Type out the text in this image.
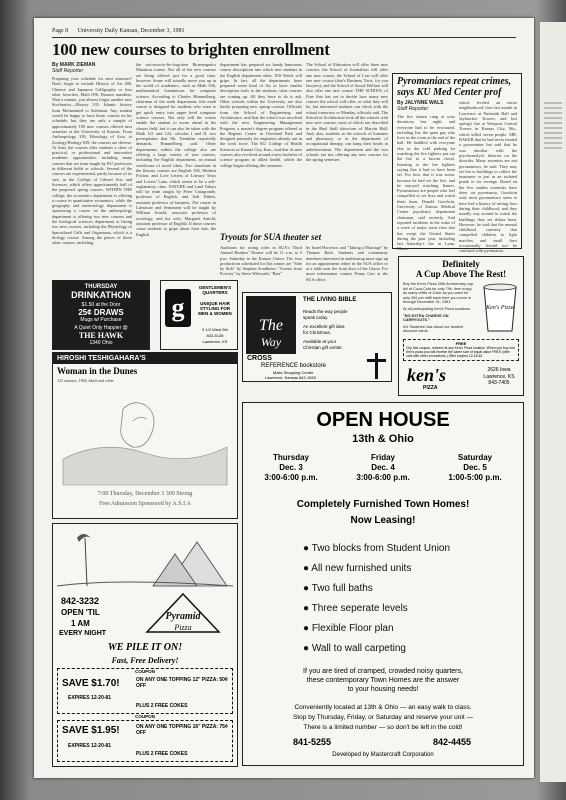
Page 8 University Daily Kansan, December 3, 1981
100 new courses to brighten enrollment
By MARK ZIEMAN
Staff Reporter
Preparing your schedule for next semester? Don't forget to include History of Art 486, Chinese and Japanese Calligraphy or four other favorites, Math 096, Finance numbers. Wait a minute, you almost forgot another new Stochastics—History 335. Islamic history from Mohammed to Suleiman. Any student would be happy to have those courses on his schedule, but they are only a sample of approximately 100 new courses offered next semester at the University of Kansas. From Anthropology 339, Ethnology of Asia, to Zoology/Biology 639, the courses are diverse. At least, the courses offer students a chew of practical, or professional and innovative academic opportunities, including many courses that are team-taught by KU professors in different fields or schools. Several of the courses are experimental, partly because of its size, in the College of Liberal Arts and Sciences, which offers approximately half of the proposed spring courses. WITHIN THE college, the economics department is offering a course in quantitative economics, while the geography and meteorology department is sponsoring a course on the anthropology department is offering two new courses and the biological sciences department is listing two new courses, including the Physiology of Specialized Cells and Organisms, which is a biology course. Among the pieces of those other courses, including
the not-soon-to-be-forgotten Bioenergetics Mutation course. Not all of the new courses are being offered just for a good time, however. Some will actually move you up in the world of academics, such as Math 036, mathematical foundations for computer science. According to Charles Himmelberg, chairman of the math department, this math course is designed for students who want to get quick entry into upper level computer science courses. Not only will the course enable the student to zoom ahead in the classes field, but it can also be taken with the Math 121 and 122, calculus I and II, two prerequisites that Mr. Tremblae reportedly demands, Himmelberg said. Other departments within the college also are offering a large variety of new courses, including the English department, an annual storehouse of novel ideas. Two standouts in the literary courses are English 106, Modern Fiction, and Love Letters of Literary Texts and Lovers' Lane, which seems to be a self-explanatory class. NATURE and Land Values will be team taught by Peter Casagrande, professor of English, and Jodi Dirkes, assistant professor of business. The course in Literature and Sentiment will be taught by William Arnold, associate professor of sociology, and his wife, Margaret Arnold, assistant professor of English. If those courses cause students to gripe about their fate, the English
department has prepared six handy humorous course descriptions into which new students in the English department often, JOS Weed, will gripe. In fact, all the departments have prepared some kind of list or have similar description tools to the students, what courses are coming up. All they have to do is ask. Other schools within the University are also busily preparing new spring courses. Officials from the School of Engineering and Architecture, said that the school was involved with the new Engineering Management Program, a master's degree program offered at the Regents Center in Overland Park and designed primarily for engineers already out in the work force. The KU College of Health Sciences in Kansas City, Kan., said that its new courses also revolved around a new bachelor of science program in allied health, which the college began offering this semester.
The School of Education will offer three new courses; the School of Journalism will offer one new course; the School of Law will offer one new course (that's Business Torts, for you lawyers); and the School of Social Welfare will also offer one new course. THE SCHOOL of Fine Arts has yet to decide how many new courses the school will offer, or what they will be, but interested students can check with the school tomorrow or Monday, officials said. The School of Architecture took all the schools with new new courses, most of which are described in the Ruel Stall showcase of Marvin Hall. And, alas, students in the schools of business and pharmacy, or in the department of occupational therapy, can bang their heads in unbelievement. The department and the two schools are not offering any new courses for the spring semester.
Tryouts for SUA theater set
Auditions for acting roles in SUA's Third Annual Readers' Theater will be 11 a.m. to 5 p.m. Saturday in the Kansas Union. The four productions scheduled for this winter are "Side by Side" by Stephen Sondheim; "Scenes from Poverty" by Steve Wilmorth; "Bats"
by Israel Horovitz; and "Taking a Marriage" by Thomas Roth. Students and community members interested in auditioning must sign up for an appointment either in the SUA office or at a table near the front door of the Union. For more information contact Penny Carr at the SUA office.
Pyromaniacs repeat crimes, says KU Med Center prof
By JALYNNE WALS
Staff Reporter
The fire alarms rang at your dormitory last night, and everyone had to be evacuated, including Joe, the quiet guy who lives in the room at the end of the hall. He huddled with everyone else in the cold parking lot watching the fire fighters put out the fire in a broom closet, listening to the fire fighters saying that it had to have been set. For how that it was arson, because he had set the fire, and he enjoyed watching flames. Pyromaniacs are people who feel compelled to set fires and watch them burn, Donald Goodwin, University of Kansas Medical Center psychiatry department chairman, said recently. And reported incidents in the wake of a wave of major areas fires that has swept the United States during the past year, including last Saturday's fire in Lynn, Mass.,
which leveled an entire neighborhood; fires last month in Lawrence at Naismith Hall and Jayhawker Towers; and last spring's fire at Westport Central Towers in Kansas City, Mo., which killed seven people. MR. BAKER that he had never treated a pyromaniac but said that he was familiar with the psychoanalytic theories on the disorder. Many arsonists are not pyromaniacs, he said. They may set fire to buildings to collect the insurance or just as an isolated prank or for revenge. Based on the few studies scientists have done on pyromania, Goodwin said, most pyromaniacs seem to have had a history of setting fires during their childhood, and they usually stay around to watch the buildings they set ablaze burn. However, he said that the normal childhood curiosity that compelled children to light matches and small fires occasionally should not be confused with pyromania.
THURSDAY
DRINKATHON
$1.50 at the Door
25¢ DRAWS
Mugs w/ Purchase
A Quiet Only Happier @
THE HAWK
1340 Ohio
g
GENTLEMEN'S QUARTERS
UNIQUE HAIR STYLING FOR MEN & WOMEN
9 1/2 West 9th
843-5138
Lawrence, KS
HIROSHI TESHIGAHARA'S
Woman in the Dunes
123 minutes, 1964, black and white
7:00 Thursday, December 3 300 Strong
Free Admission Sponsored by A.S.I.A
The
Way
THE LIVING BIBLE
Reads the way people
speak today.
An excellent gift idea
for Christmas.
Available at your
Christian gift center.
CROSS
REFERENCE bookstore
Malls Shopping Center
Lawrence, Kansas 842-1553
Definitely
A Cup Above The Rest!
Buy the Ken's Pizza 20th Anniversary cup full of Coca-Cola for only 79¢, then enjoy as many refills of Coke as you want for only 39¢ per refill each time you come in through December 31, 1981.
At all participating Ken's Pizza locations.
"NO EXTRA CHARGE ON CARRYOUTS."
KU Students! Ask about our student discount cards.
Ken's Pizza
FREE
Clip this coupon, redeem at any Ken's Pizza location. When you buy one Ken's pizza you will receive the same size of equal value FREE (offer void with other promotions.) Offer expires 12-18-81
ken's
PIZZA
2626 Iowa
Lawrence, KS
843-7405
842-3232
OPEN 'TIL
1 AM
EVERY NIGHT
Pyramid
Pizza
WE PILE IT ON!
Fast, Free Delivery!
COUPON
SAVE $1.70!	ON ANY ONE TOPPING 12" PIZZA: 50¢ OFF
PLUS 2 FREE COKES
EXPIRES 12-20-81
COUPON
SAVE $1.95!	ON ANY ONE TOPPING 16" PIZZA: 75¢ OFF
PLUS 2 FREE COKES
EXPIRES 12-20-81
OPEN HOUSE
13th & Ohio
Thursday
Dec. 3
3:00-6:00 p.m.
Friday
Dec. 4
3:00-6:00 p.m.
Saturday
Dec. 5
1:00-5:00 p.m.
Completely Furnished Town Homes!
Now Leasing!
● Two blocks from Student Union
● All new furnished units
● Two full baths
● Three seperate levels
● Flexible Floor plan
● Wall to wall carpeting
If you are tired of cramped, crowded noisy quarters,
these contemporary Town Homes are the answer
to your housing needs!
Conveniently located at 13th & Ohio — an easy walk to class.
Stop by Thursday, Friday, or Saturday and reserve your unit —
There is a limited number — so don't be left in the cold!
841-5255	842-4455
Developed by Mastercraft Corporation
